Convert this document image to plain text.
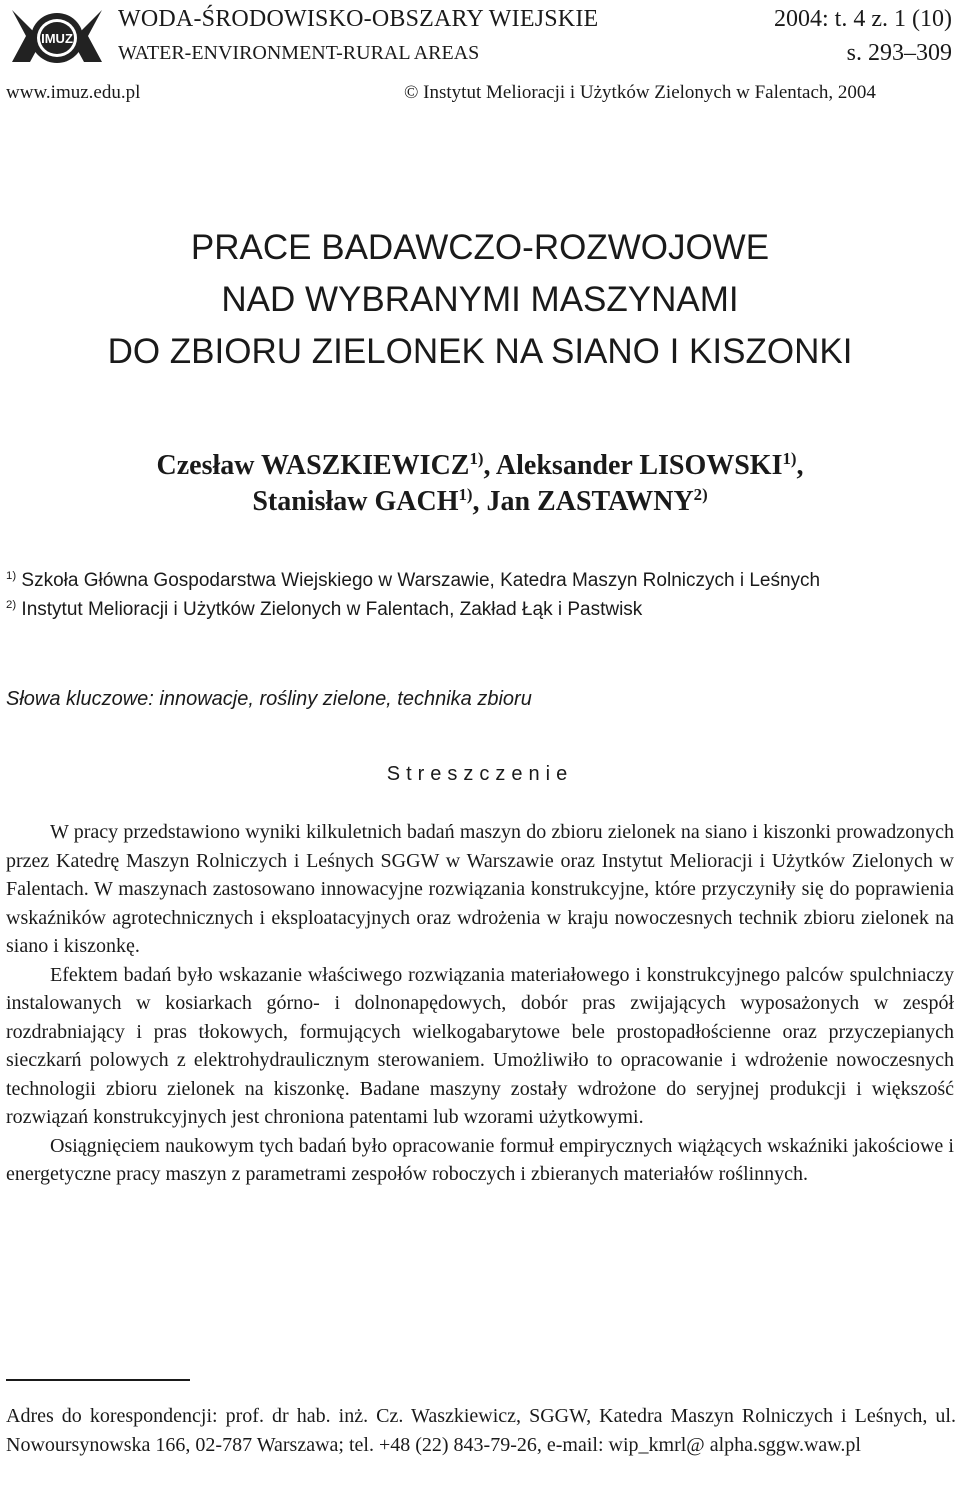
IMUZ
WODA-ŚRODOWISKO-OBSZARY WIEJSKIE
WATER-ENVIRONMENT-RURAL AREAS
2004: t. 4 z. 1 (10)
s. 293–309
www.imuz.edu.pl	© Instytut Melioracji i Użytków Zielonych w Falentach, 2004
PRACE BADAWCZO-ROZWOJOWE
NAD WYBRANYMI MASZYNAMI
DO ZBIORU ZIELONEK NA SIANO I KISZONKI
Czesław WASZKIEWICZ$^{1)}$, Aleksander LISOWSKI$^{1)}$,
Stanisław GACH$^{1)}$, Jan ZASTAWNY$^{2)}$
$^{1)}$ Szkoła Główna Gospodarstwa Wiejskiego w Warszawie, Katedra Maszyn Rolniczych i Leśnych
$^{2)}$ Instytut Melioracji i Użytków Zielonych w Falentach, Zakład Łąk i Pastwisk
Słowa kluczowe: innowacje, rośliny zielone, technika zbioru
Streszczenie

W pracy przedstawiono wyniki kilkuletnich badań maszyn do zbioru zielonek na siano i kiszonki prowadzonych przez Katedrę Maszyn Rolniczych i Leśnych SGGW w Warszawie oraz Instytut Melioracji i Użytków Zielonych w Falentach. W maszynach zastosowano innowacyjne rozwiązania konstrukcyjne, które przyczyniły się do poprawienia wskaźników agrotechnicznych i eksploatacyjnych oraz wdrożenia w kraju nowoczesnych technik zbioru zielonek na siano i kiszonkę.

Efektem badań było wskazanie właściwego rozwiązania materiałowego i konstrukcyjnego palców spulchniaczy instalowanych w kosiarkach górno- i dolnonapędowych, dobór pras zwijających wyposażonych w zespół rozdrabniający i pras tłokowych, formujących wielkogabarytowe bele prostopadłościenne oraz przyczepianych sieczkarń polowych z elektrohydraulicznym sterowaniem. Umożliwiło to opracowanie i wdrożenie nowoczesnych technologii zbioru zielonek na kiszonkę. Badane maszyny zostały wdrożone do seryjnej produkcji i większość rozwiązań konstrukcyjnych jest chroniona patentami lub wzorami użytkowymi.

Osiągnięciem naukowym tych badań było opracowanie formuł empirycznych wiążących wskaźniki jakościowe i energetyczne pracy maszyn z parametrami zespołów roboczych i zbieranych materiałów roślinnych.

Adres do korespondencji: prof. dr hab. inż. Cz. Waszkiewicz, SGGW, Katedra Maszyn Rolniczych i Leśnych, ul. Nowoursynowska 166, 02-787 Warszawa; tel. +48 (22) 843-79-26, e-mail: wip_kmrl@ alpha.sggw.waw.pl
